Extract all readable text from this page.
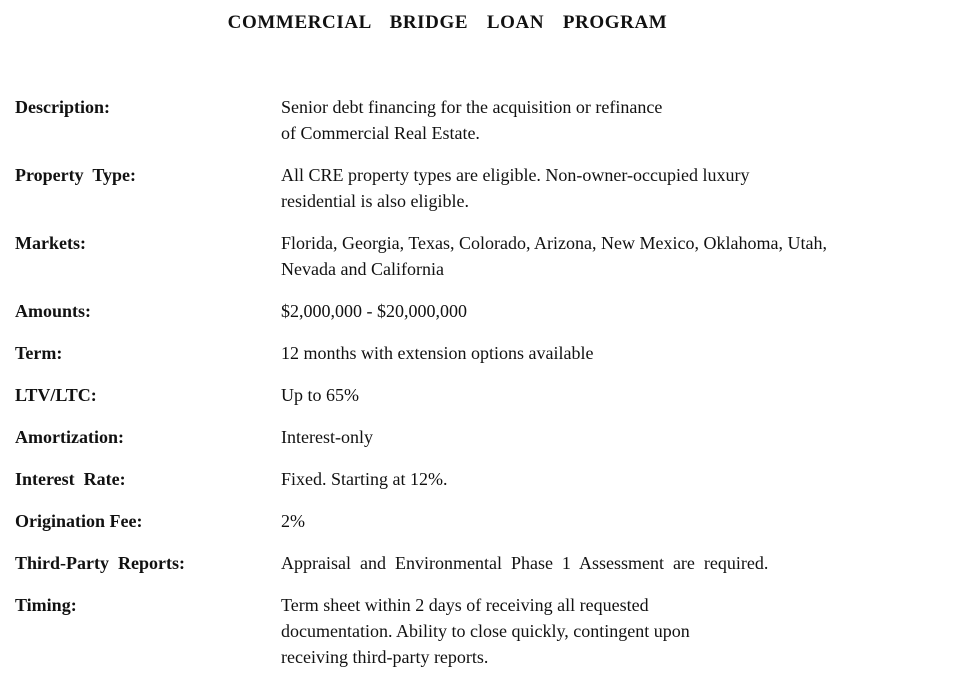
COMMERCIAL  BRIDGE  LOAN  PROGRAM
Description:	Senior debt financing for the acquisition or refinance
of Commercial Real Estate.
Property  Type:	All CRE property types are eligible. Non-owner-occupied luxury
residential is also eligible.
Markets:	Florida, Georgia, Texas, Colorado, Arizona, New Mexico, Oklahoma, Utah,
Nevada and California
Amounts:	$2,000,000 - $20,000,000
Term:	12 months with extension options available
LTV/LTC:	Up to 65%
Amortization:	Interest-only
Interest  Rate:	Fixed. Starting at 12%.
Origination Fee:	2%
Third-Party  Reports:	Appraisal  and  Environmental  Phase  1  Assessment  are  required.
Timing:	Term sheet within 2 days of receiving all requested
documentation. Ability to close quickly, contingent upon
receiving third-party reports.
